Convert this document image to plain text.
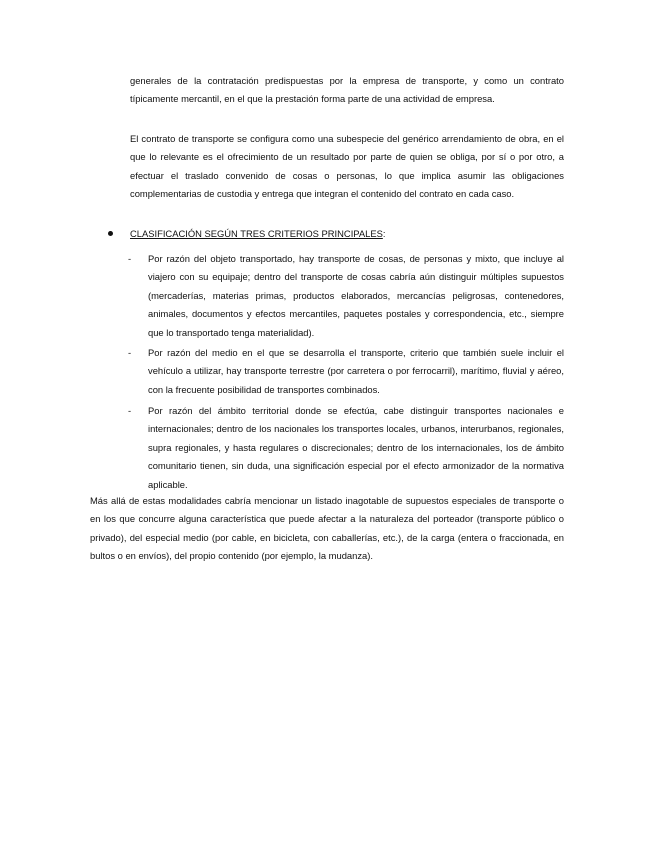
generales de la contratación predispuestas por la empresa de transporte, y como un contrato típicamente mercantil, en el que la prestación forma parte de una actividad de empresa.

El contrato de transporte se configura como una subespecie del genérico arrendamiento de obra, en el que lo relevante es el ofrecimiento de un resultado por parte de quien se obliga, por sí o por otro, a efectuar el traslado convenido de cosas o personas, lo que implica asumir las obligaciones complementarias de custodia y entrega que integran el contenido del contrato en cada caso.

CLASIFICACIÓN SEGÚN TRES CRITERIOS PRINCIPALES:
- Por razón del objeto transportado, hay transporte de cosas, de personas y mixto, que incluye al viajero con su equipaje; dentro del transporte de cosas cabría aún distinguir múltiples supuestos (mercaderías, materias primas, productos elaborados, mercancías peligrosas, contenedores, animales, documentos y efectos mercantiles, paquetes postales y correspondencia, etc., siempre que lo transportado tenga materialidad).

- Por razón del medio en el que se desarrolla el transporte, criterio que también suele incluir el vehículo a utilizar, hay transporte terrestre (por carretera o por ferrocarril), marítimo, fluvial y aéreo, con la frecuente posibilidad de transportes combinados.

- Por razón del ámbito territorial donde se efectúa, cabe distinguir transportes nacionales e internacionales; dentro de los nacionales los transportes locales, urbanos, interurbanos, regionales, supra regionales, y hasta regulares o discrecionales; dentro de los internacionales, los de ámbito comunitario tienen, sin duda, una significación especial por el efecto armonizador de la normativa aplicable.

Más allá de estas modalidades cabría mencionar un listado inagotable de supuestos especiales de transporte o en los que concurre alguna característica que puede afectar a la naturaleza del porteador (transporte público o privado), del especial medio (por cable, en bicicleta, con caballerías, etc.), de la carga (entera o fraccionada, en bultos o en envíos), del propio contenido (por ejemplo, la mudanza).
